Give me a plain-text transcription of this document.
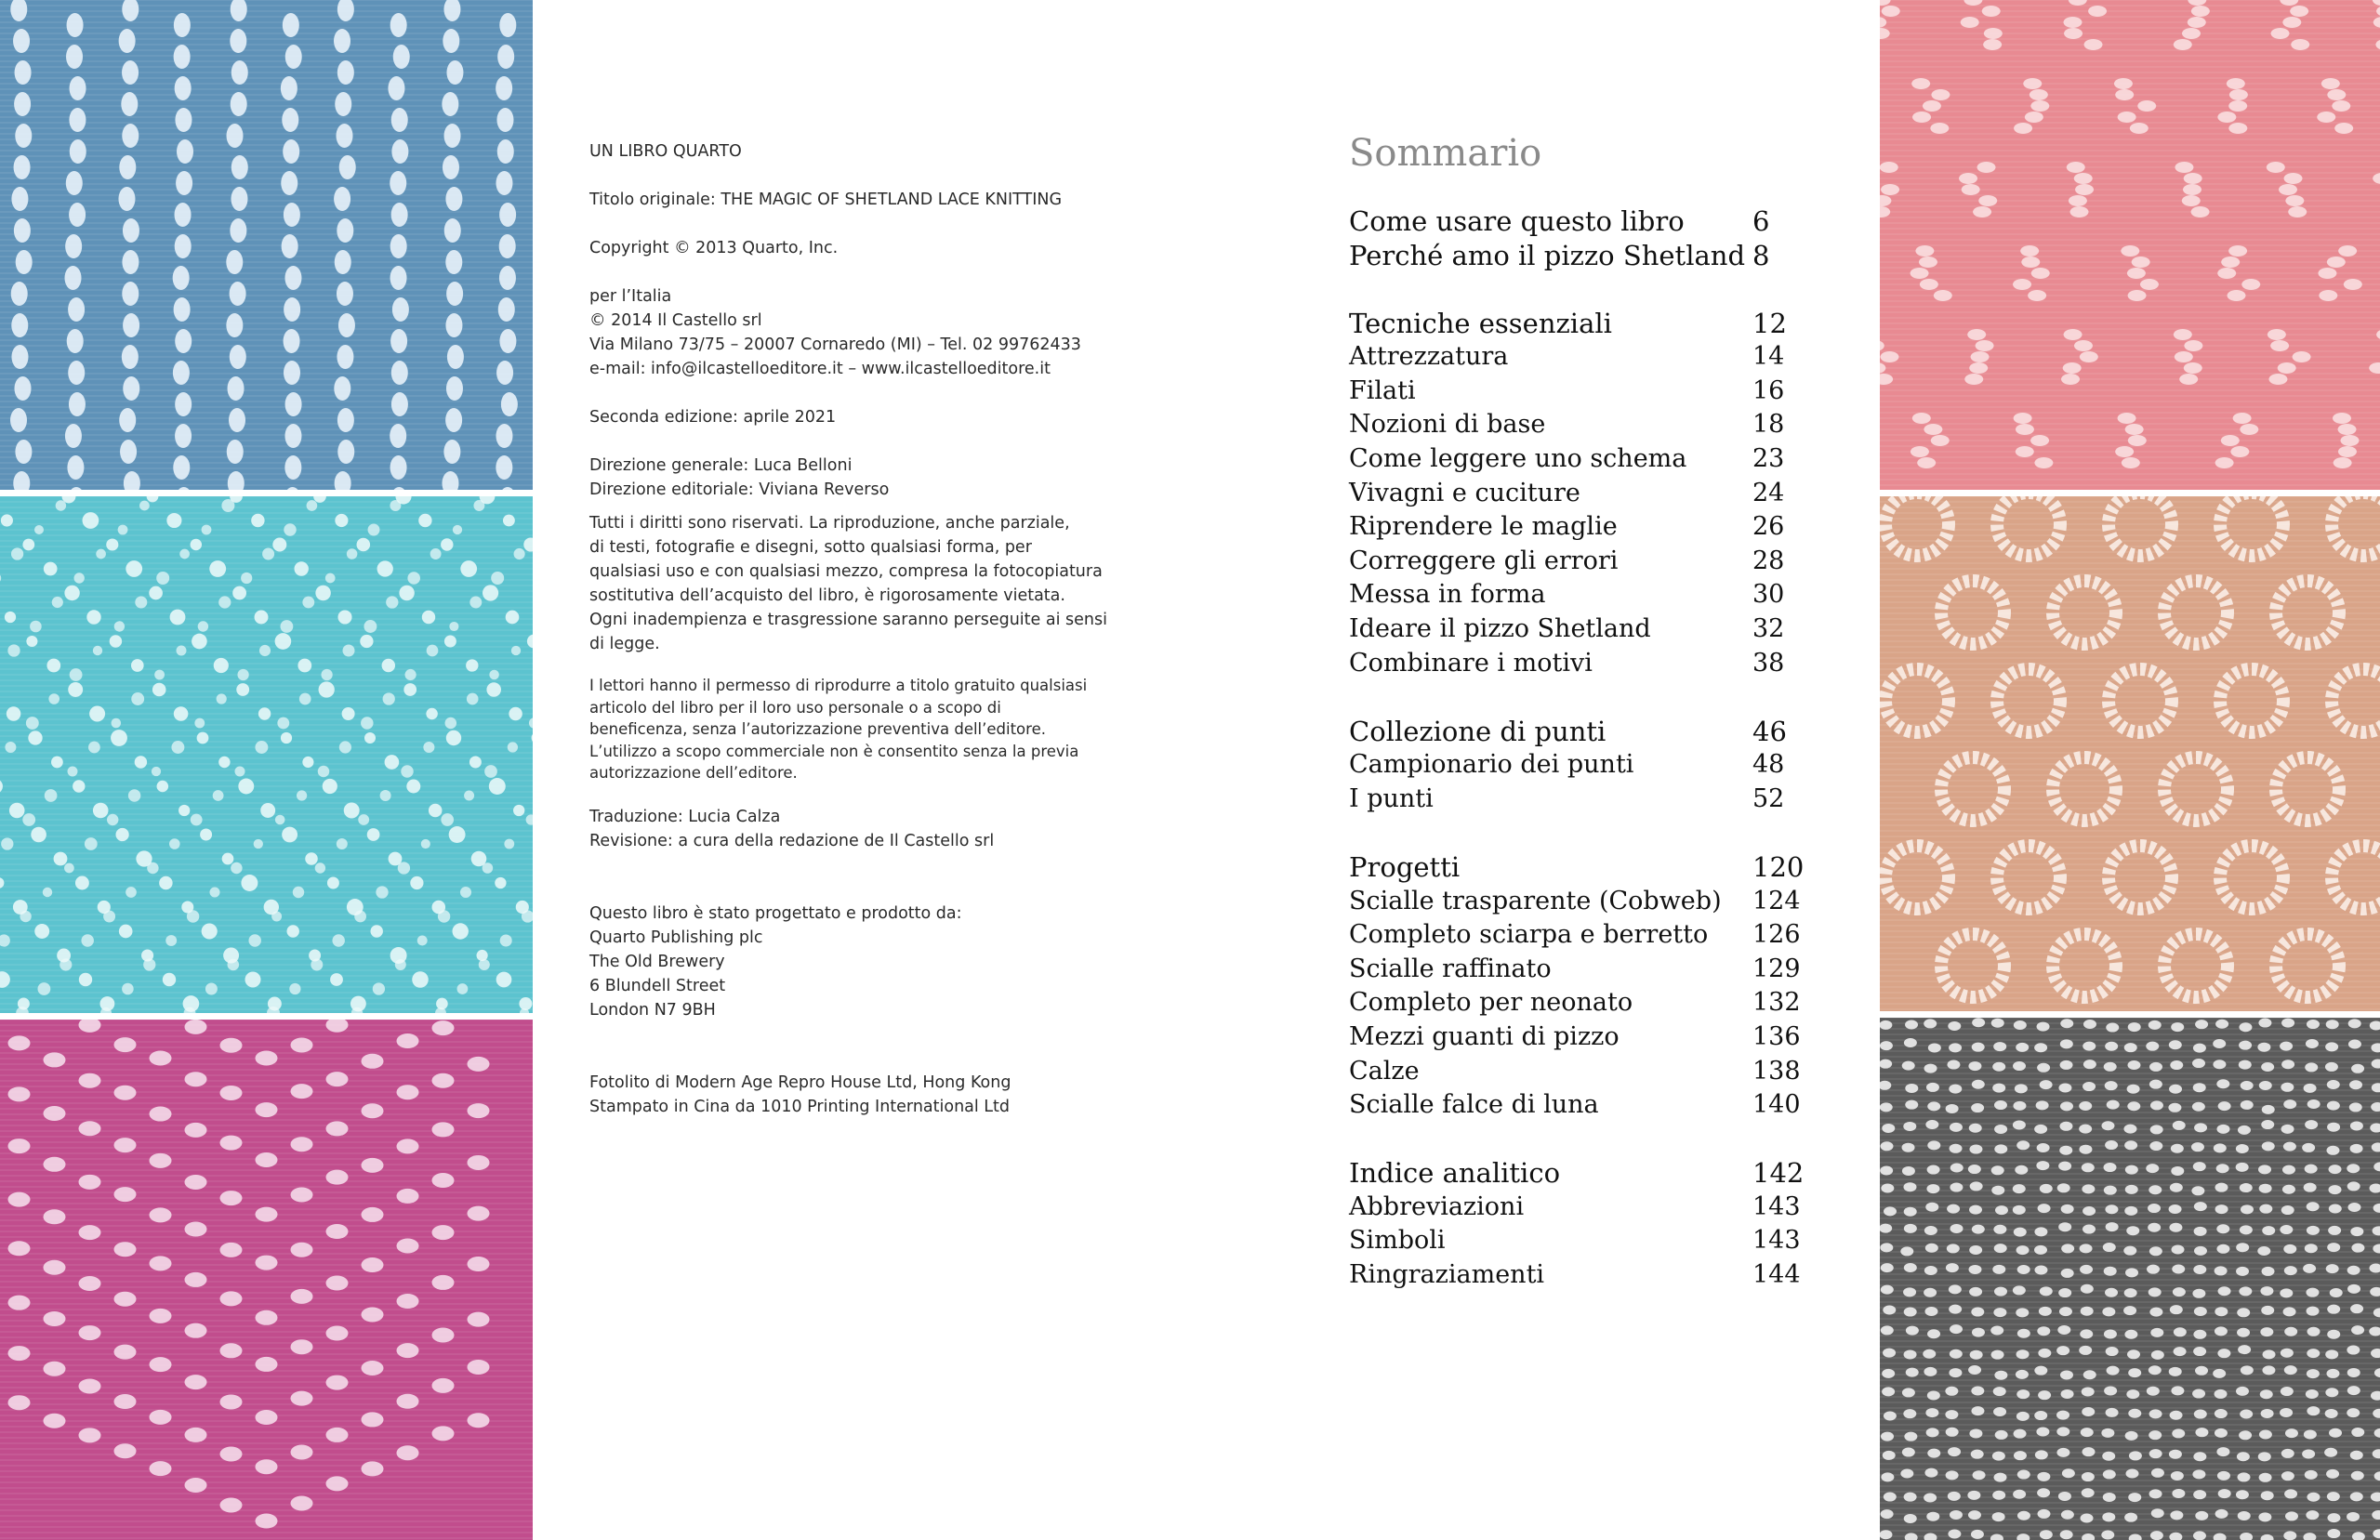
UN LIBRO QUARTO

Titolo originale: THE MAGIC OF SHETLAND LACE KNITTING

Copyright © 2013 Quarto, Inc.

per l’Italia

© 2014 Il Castello srl

Via Milano 73/75 – 20007 Cornaredo (MI) – Tel. 02 99762433

e-mail: info@ilcastelloeditore.it – www.ilcastelloeditore.it

Seconda edizione: aprile 2021

Direzione generale: Luca Belloni

Direzione editoriale: Viviana Reverso

Tutti i diritti sono riservati. La riproduzione, anche parziale,

di testi, fotografie e disegni, sotto qualsiasi forma, per

qualsiasi uso e con qualsiasi mezzo, compresa la fotocopiatura

sostitutiva dell’acquisto del libro, è rigorosamente vietata.

Ogni inadempienza e trasgressione saranno perseguite ai sensi

di legge.

I lettori hanno il permesso di riprodurre a titolo gratuito qualsiasi

articolo del libro per il loro uso personale o a scopo di

beneficenza, senza l’autorizzazione preventiva dell’editore.

L’utilizzo a scopo commerciale non è consentito senza la previa

autorizzazione dell’editore.

Traduzione: Lucia Calza

Revisione: a cura della redazione de Il Castello srl

Questo libro è stato progettato e prodotto da:

Quarto Publishing plc

The Old Brewery

6 Blundell Street

London N7 9BH

Fotolito di Modern Age Repro House Ltd, Hong Kong

Stampato in Cina da 1010 Printing International Ltd

Sommario
Come usare questo libro	6
Perché amo il pizzo Shetland 8
Tecniche essenziali	12
Attrezzatura	14
Filati	16
Nozioni di base	18
Come leggere uno schema	23
Vivagni e cuciture	24
Riprendere le maglie	26
Correggere gli errori	28
Messa in forma	30
Ideare il pizzo Shetland	32
Combinare i motivi	38
Collezione di punti	46
Campionario dei punti	48
I punti	52
Progetti	120
Scialle trasparente (Cobweb) 124
Completo sciarpa e berretto 126
Scialle raffinato	129
Completo per neonato	132
Mezzi guanti di pizzo	136
Calze	138
Scialle falce di luna	140
Indice analitico	142
Abbreviazioni	143
Simboli	143
Ringraziamenti	144
